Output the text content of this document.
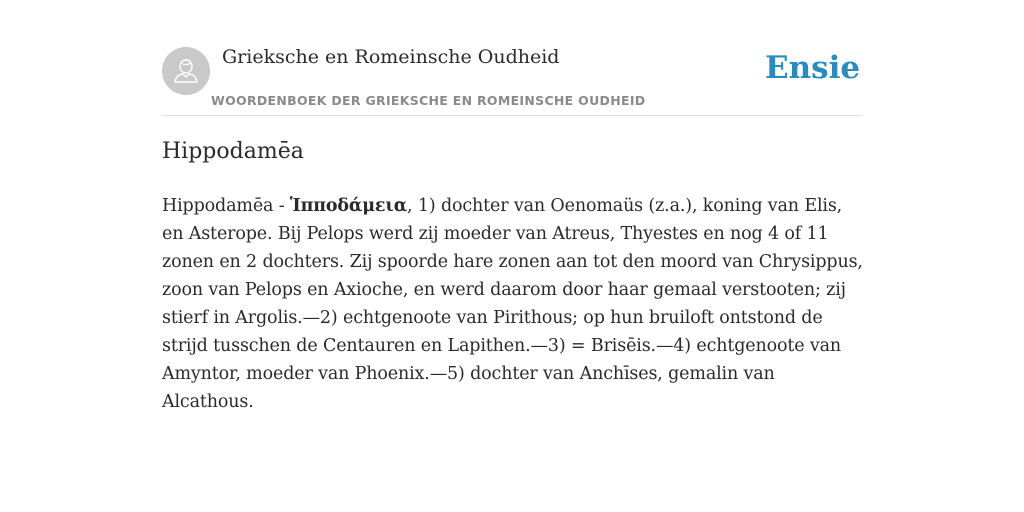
Grieksche en Romeinsche Oudheid
WOORDENBOEK DER GRIEKSCHE EN ROMEINSCHE OUDHEID
Ensie
Hippodamēa

Hippodamēa - Ἱπποδάμεια, 1) dochter van Oenomaüs (z.a.), koning van Elis, en Asterope. Bij Pelops werd zij moeder van Atreus, Thyestes en nog 4 of 11 zonen en 2 dochters. Zij spoorde hare zonen aan tot den moord van Chrysippus, zoon van Pelops en Axioche, en werd daarom door haar gemaal verstooten; zij stierf in Argolis.—2) echtgenoote van Pirithous; op hun bruiloft ontstond de strijd tusschen de Centauren en Lapithen.—3) = Brisēis.—4) echtgenoote van Amyntor, moeder van Phoenix.—5) dochter van Anchīses, gemalin van Alcathous.
